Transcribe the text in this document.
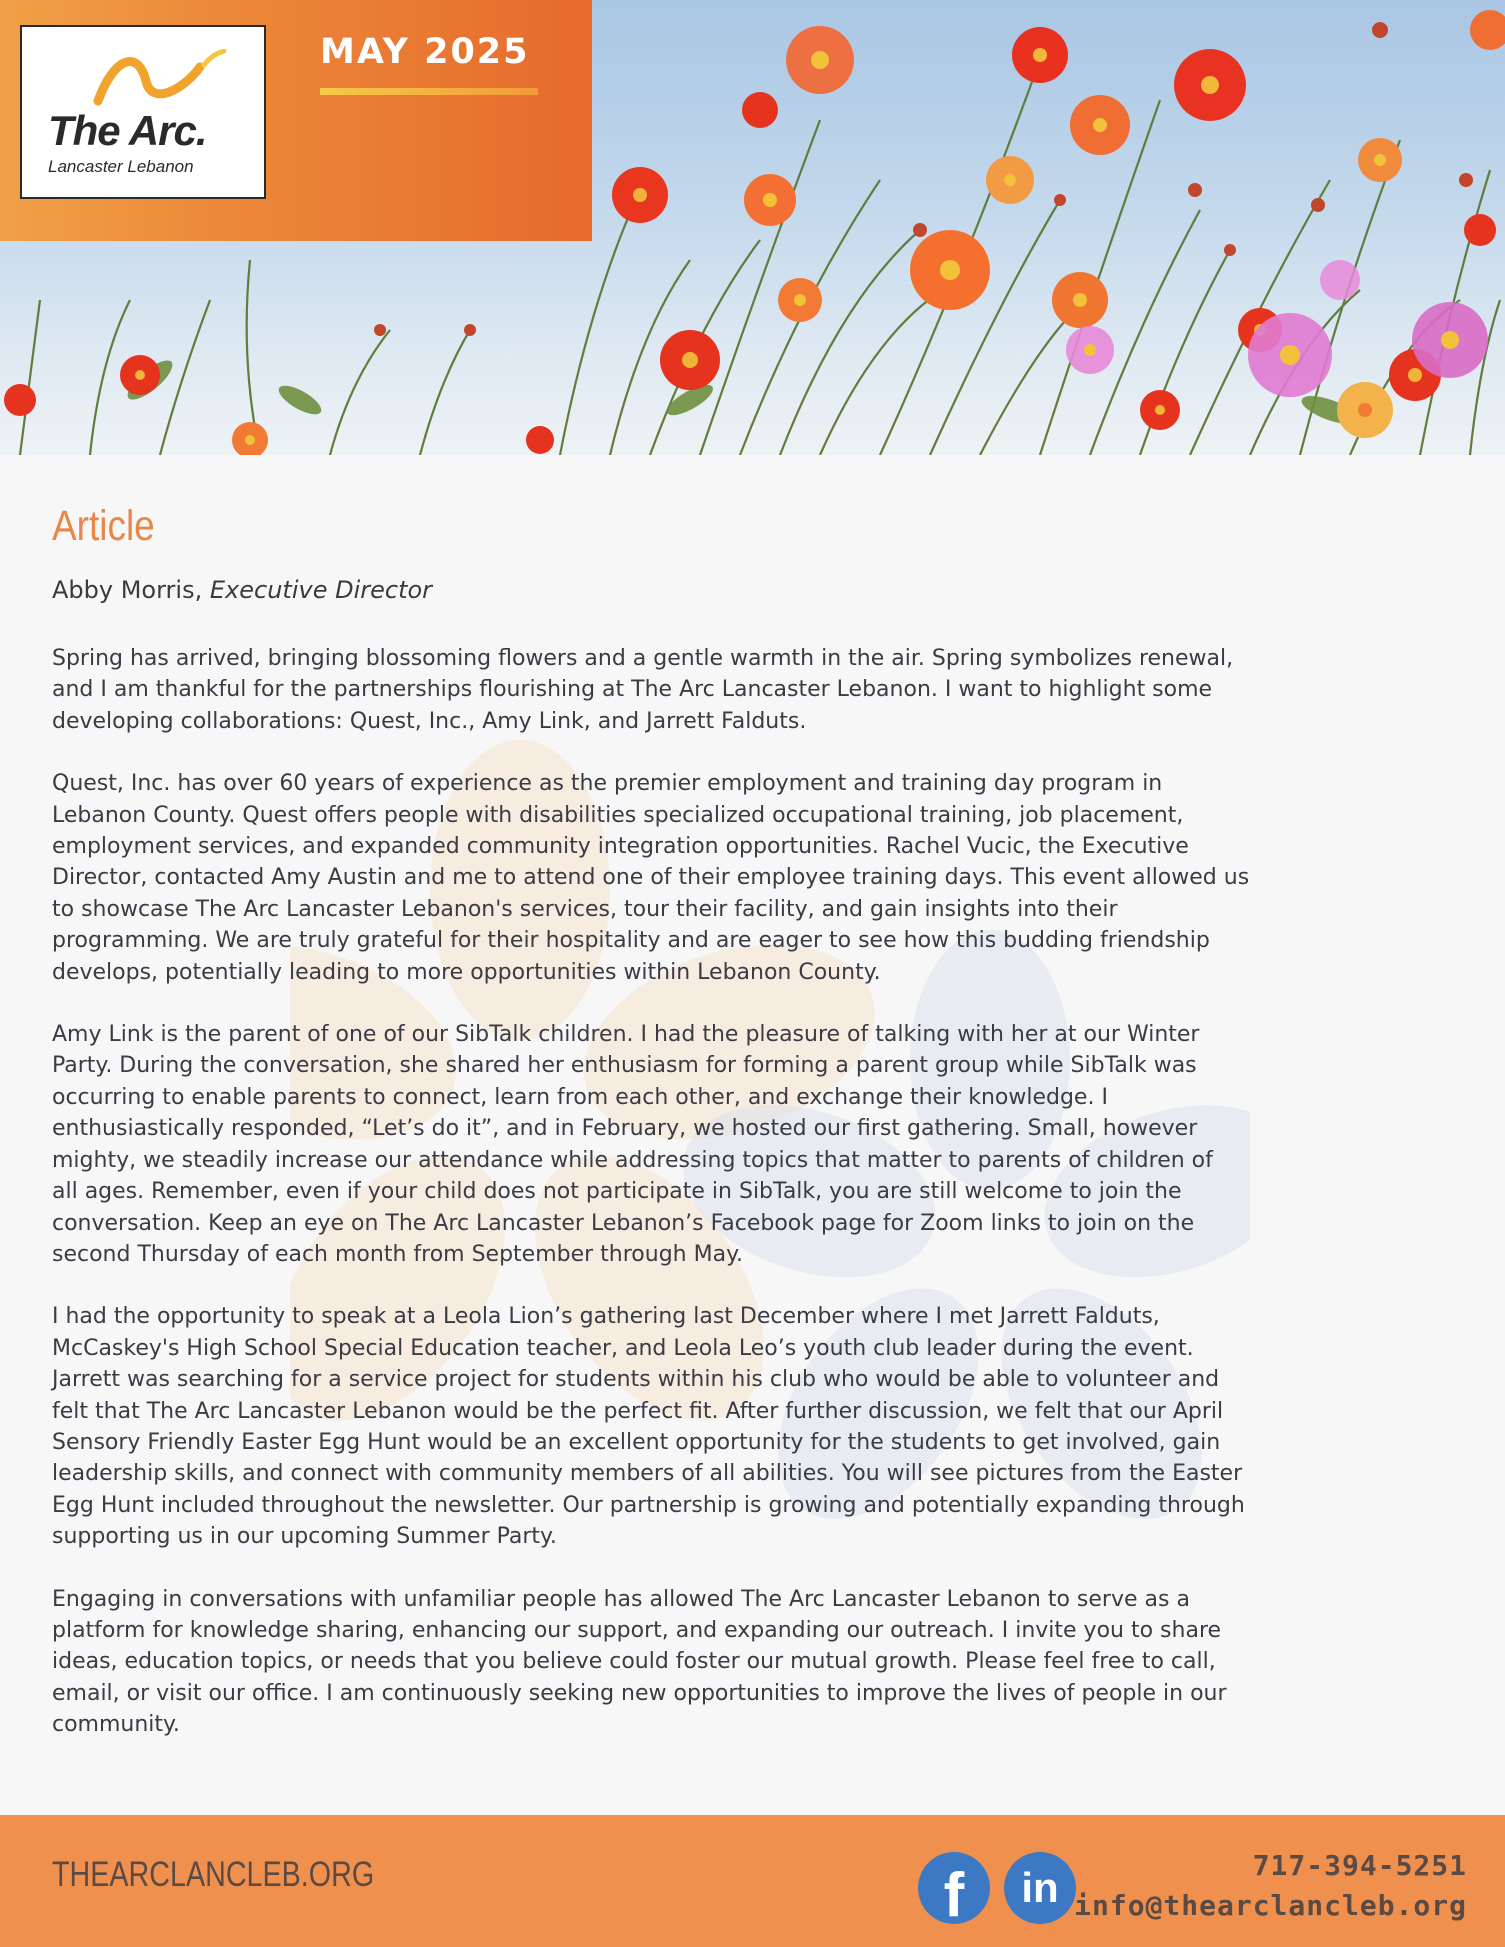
The Arc.
Lancaster Lebanon
MAY 2025
Article
Abby Morris, Executive Director

Spring has arrived, bringing blossoming flowers and a gentle warmth in the air. Spring symbolizes renewal,
and I am thankful for the partnerships flourishing at The Arc Lancaster Lebanon. I want to highlight some
developing collaborations: Quest, Inc., Amy Link, and Jarrett Falduts.

Quest, Inc. has over 60 years of experience as the premier employment and training day program in
Lebanon County. Quest offers people with disabilities specialized occupational training, job placement,
employment services, and expanded community integration opportunities. Rachel Vucic, the Executive
Director, contacted Amy Austin and me to attend one of their employee training days. This event allowed us
to showcase The Arc Lancaster Lebanon's services, tour their facility, and gain insights into their
programming. We are truly grateful for their hospitality and are eager to see how this budding friendship
develops, potentially leading to more opportunities within Lebanon County.

Amy Link is the parent of one of our SibTalk children. I had the pleasure of talking with her at our Winter
Party. During the conversation, she shared her enthusiasm for forming a parent group while SibTalk was
occurring to enable parents to connect, learn from each other, and exchange their knowledge. I
enthusiastically responded, “Let’s do it”, and in February, we hosted our first gathering. Small, however
mighty, we steadily increase our attendance while addressing topics that matter to parents of children of
all ages. Remember, even if your child does not participate in SibTalk, you are still welcome to join the
conversation. Keep an eye on The Arc Lancaster Lebanon’s Facebook page for Zoom links to join on the
second Thursday of each month from September through May.

I had the opportunity to speak at a Leola Lion’s gathering last December where I met Jarrett Falduts,
McCaskey's High School Special Education teacher, and Leola Leo’s youth club leader during the event.
Jarrett was searching for a service project for students within his club who would be able to volunteer and
felt that The Arc Lancaster Lebanon would be the perfect fit. After further discussion, we felt that our April
Sensory Friendly Easter Egg Hunt would be an excellent opportunity for the students to get involved, gain
leadership skills, and connect with community members of all abilities. You will see pictures from the Easter
Egg Hunt included throughout the newsletter. Our partnership is growing and potentially expanding through
supporting us in our upcoming Summer Party.

Engaging in conversations with unfamiliar people has allowed The Arc Lancaster Lebanon to serve as a
platform for knowledge sharing, enhancing our support, and expanding our outreach. I invite you to share
ideas, education topics, or needs that you believe could foster our mutual growth. Please feel free to call,
email, or visit our office. I am continuously seeking new opportunities to improve the lives of people in our
community.

THEARCLANCLEB.ORG	f	in	717-394-5251
info@thearclancleb.org
